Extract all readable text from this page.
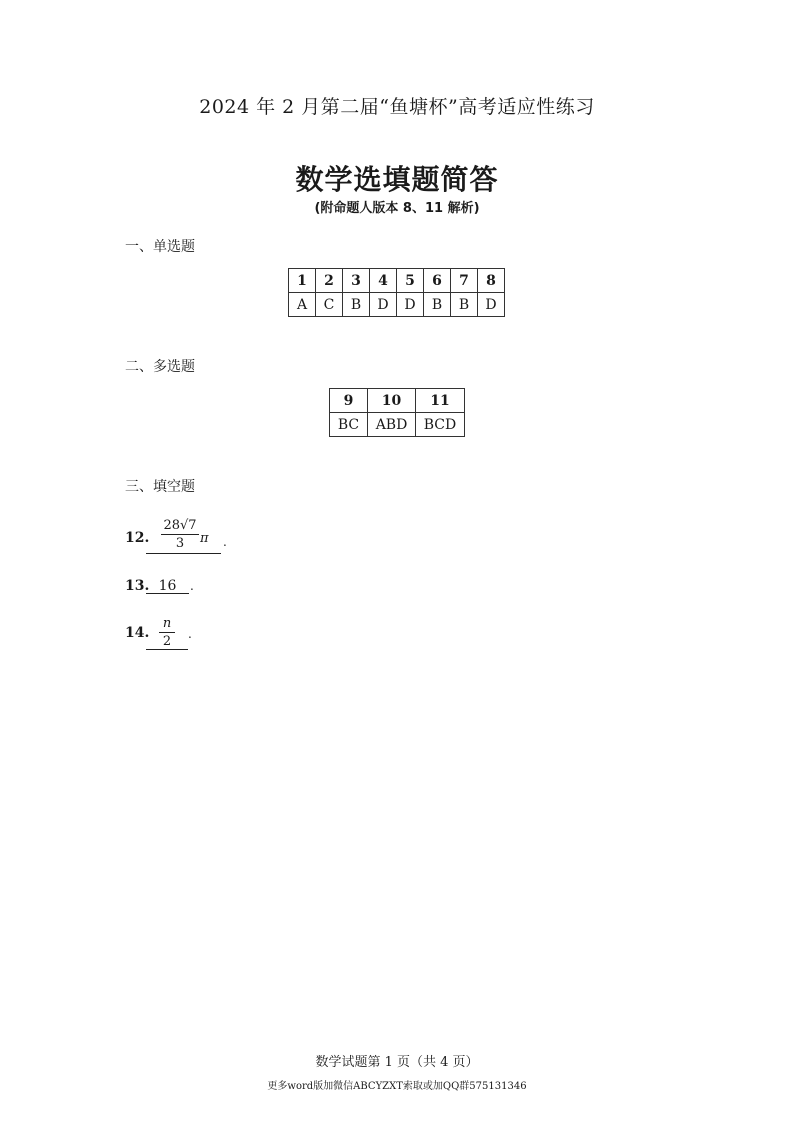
2024 年 2 月第二届“鱼塘杯”高考适应性练习
数学选填题简答
(附命题人版本 8、11 解析)
一、单选题
1	2	3	4	5	6	7	8
A	C	B	D	D	B	B	D
二、多选题
9	10	11
BC	ABD	BCD
三、填空题
12.
28√7
3	π .
13. 16	.
14.
n
2	.
数学试题第 1 页（共 4 页）
更多word版加微信ABCYZXT索取或加QQ群575131346
